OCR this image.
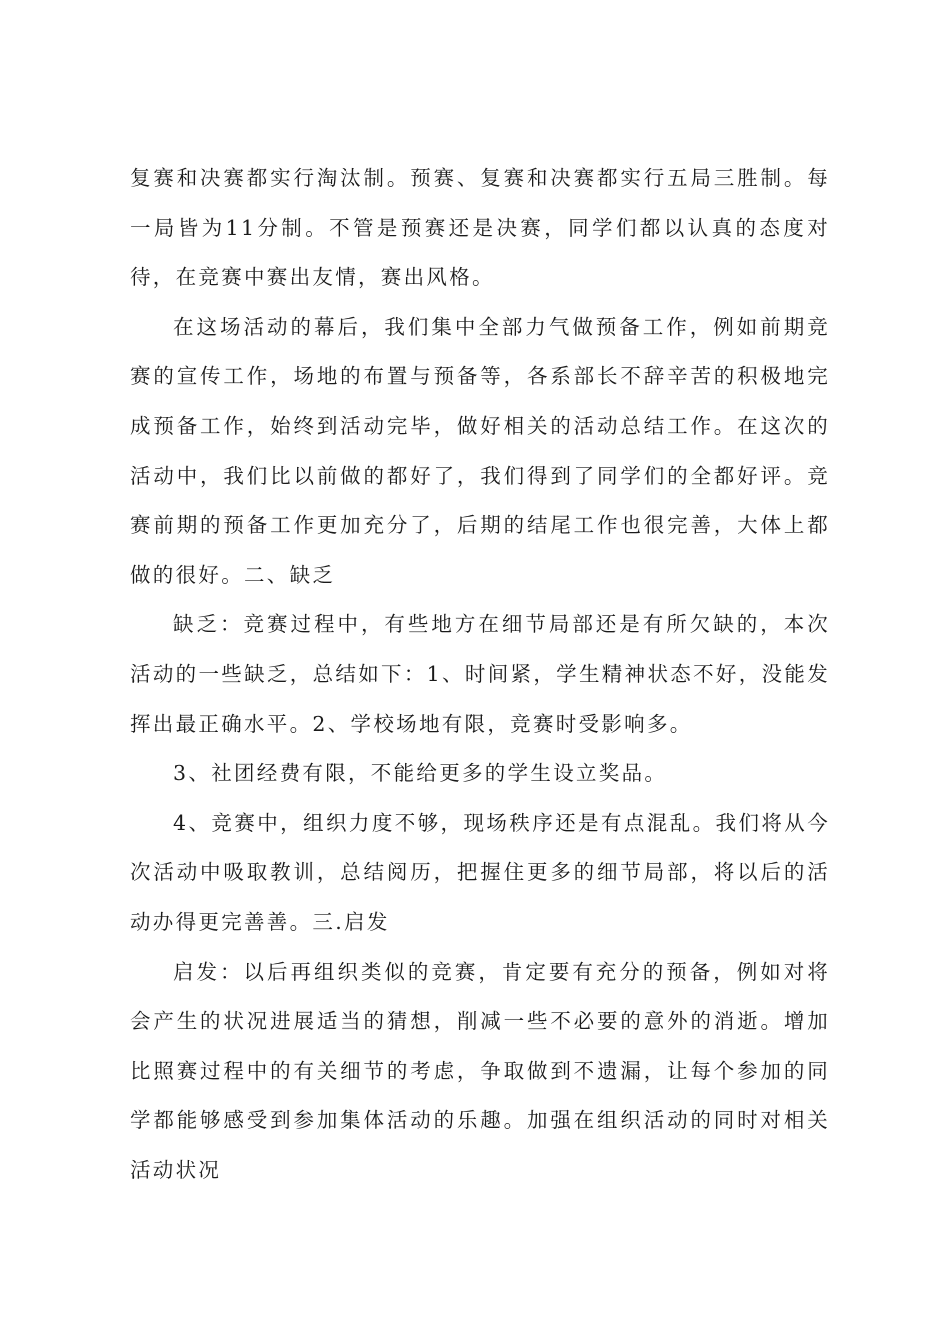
复赛和决赛都实行淘汰制。预赛、复赛和决赛都实行五局三胜制。每一局皆为11分制。不管是预赛还是决赛，同学们都以认真的态度对待，在竞赛中赛出友情，赛出风格。

在这场活动的幕后，我们集中全部力气做预备工作，例如前期竞赛的宣传工作，场地的布置与预备等，各系部长不辞辛苦的积极地完成预备工作，始终到活动完毕，做好相关的活动总结工作。在这次的活动中，我们比以前做的都好了，我们得到了同学们的全都好评。竞赛前期的预备工作更加充分了，后期的结尾工作也很完善，大体上都做的很好。二、缺乏

缺乏：竞赛过程中，有些地方在细节局部还是有所欠缺的，本次活动的一些缺乏，总结如下：1、时间紧，学生精神状态不好，没能发挥出最正确水平。2、学校场地有限，竞赛时受影响多。

3、社团经费有限，不能给更多的学生设立奖品。

4、竞赛中，组织力度不够，现场秩序还是有点混乱。我们将从今次活动中吸取教训，总结阅历，把握住更多的细节局部，将以后的活动办得更完善善。三.启发

启发：以后再组织类似的竞赛，肯定要有充分的预备，例如对将会产生的状况进展适当的猜想，削减一些不必要的意外的消逝。增加比照赛过程中的有关细节的考虑，争取做到不遗漏，让每个参加的同学都能够感受到参加集体活动的乐趣。加强在组织活动的同时对相关活动状况
